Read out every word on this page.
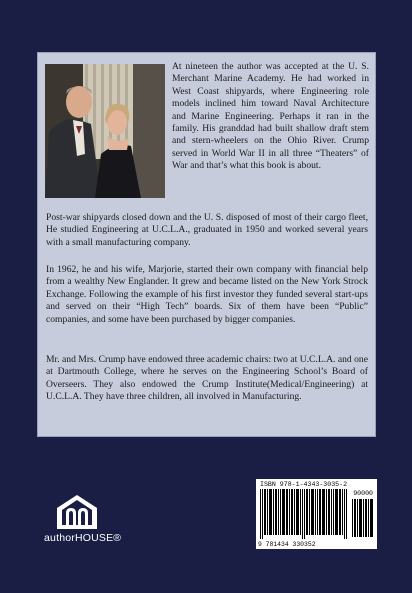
At nineteen the author was accepted at the U. S. Merchant Marine Academy. He had worked in West Coast shipyards, where Engineering role models inclined him toward Naval Architecture and Marine Engineering. Perhaps it ran in the family. His granddad had built shallow draft stem and stern-wheelers on the Ohio River. Crump served in World War II in all three “Theaters” of War and that’s what this book is about.

Post-war shipyards closed down and the U. S. disposed of most of their cargo fleet, He studied Engineering at U.C.L.A., graduated in 1950 and worked several years with a small manufacturing company.

In 1962, he and his wife, Marjorie, started their own company with financial help from a wealthy New Englander. It grew and became listed on the New York Strock Exchange. Following the example of his first investor they funded several start-ups and served on their “High Tech” boards. Six of them have been “Public” companies, and some have been purchased by bigger companies.

Mr. and Mrs. Crump have endowed three academic chairs: two at U.C.L.A. and one at Dartmouth College, where he serves on the Engineering School’s Board of Overseers. They also endowed the Crump Institute(Medical/Engineering) at U.C.L.A. They have three children, all involved in Manufacturing.

authorHOUSE®
ISBN 978-1-4343-3035-2
90000
9 781434 330352
